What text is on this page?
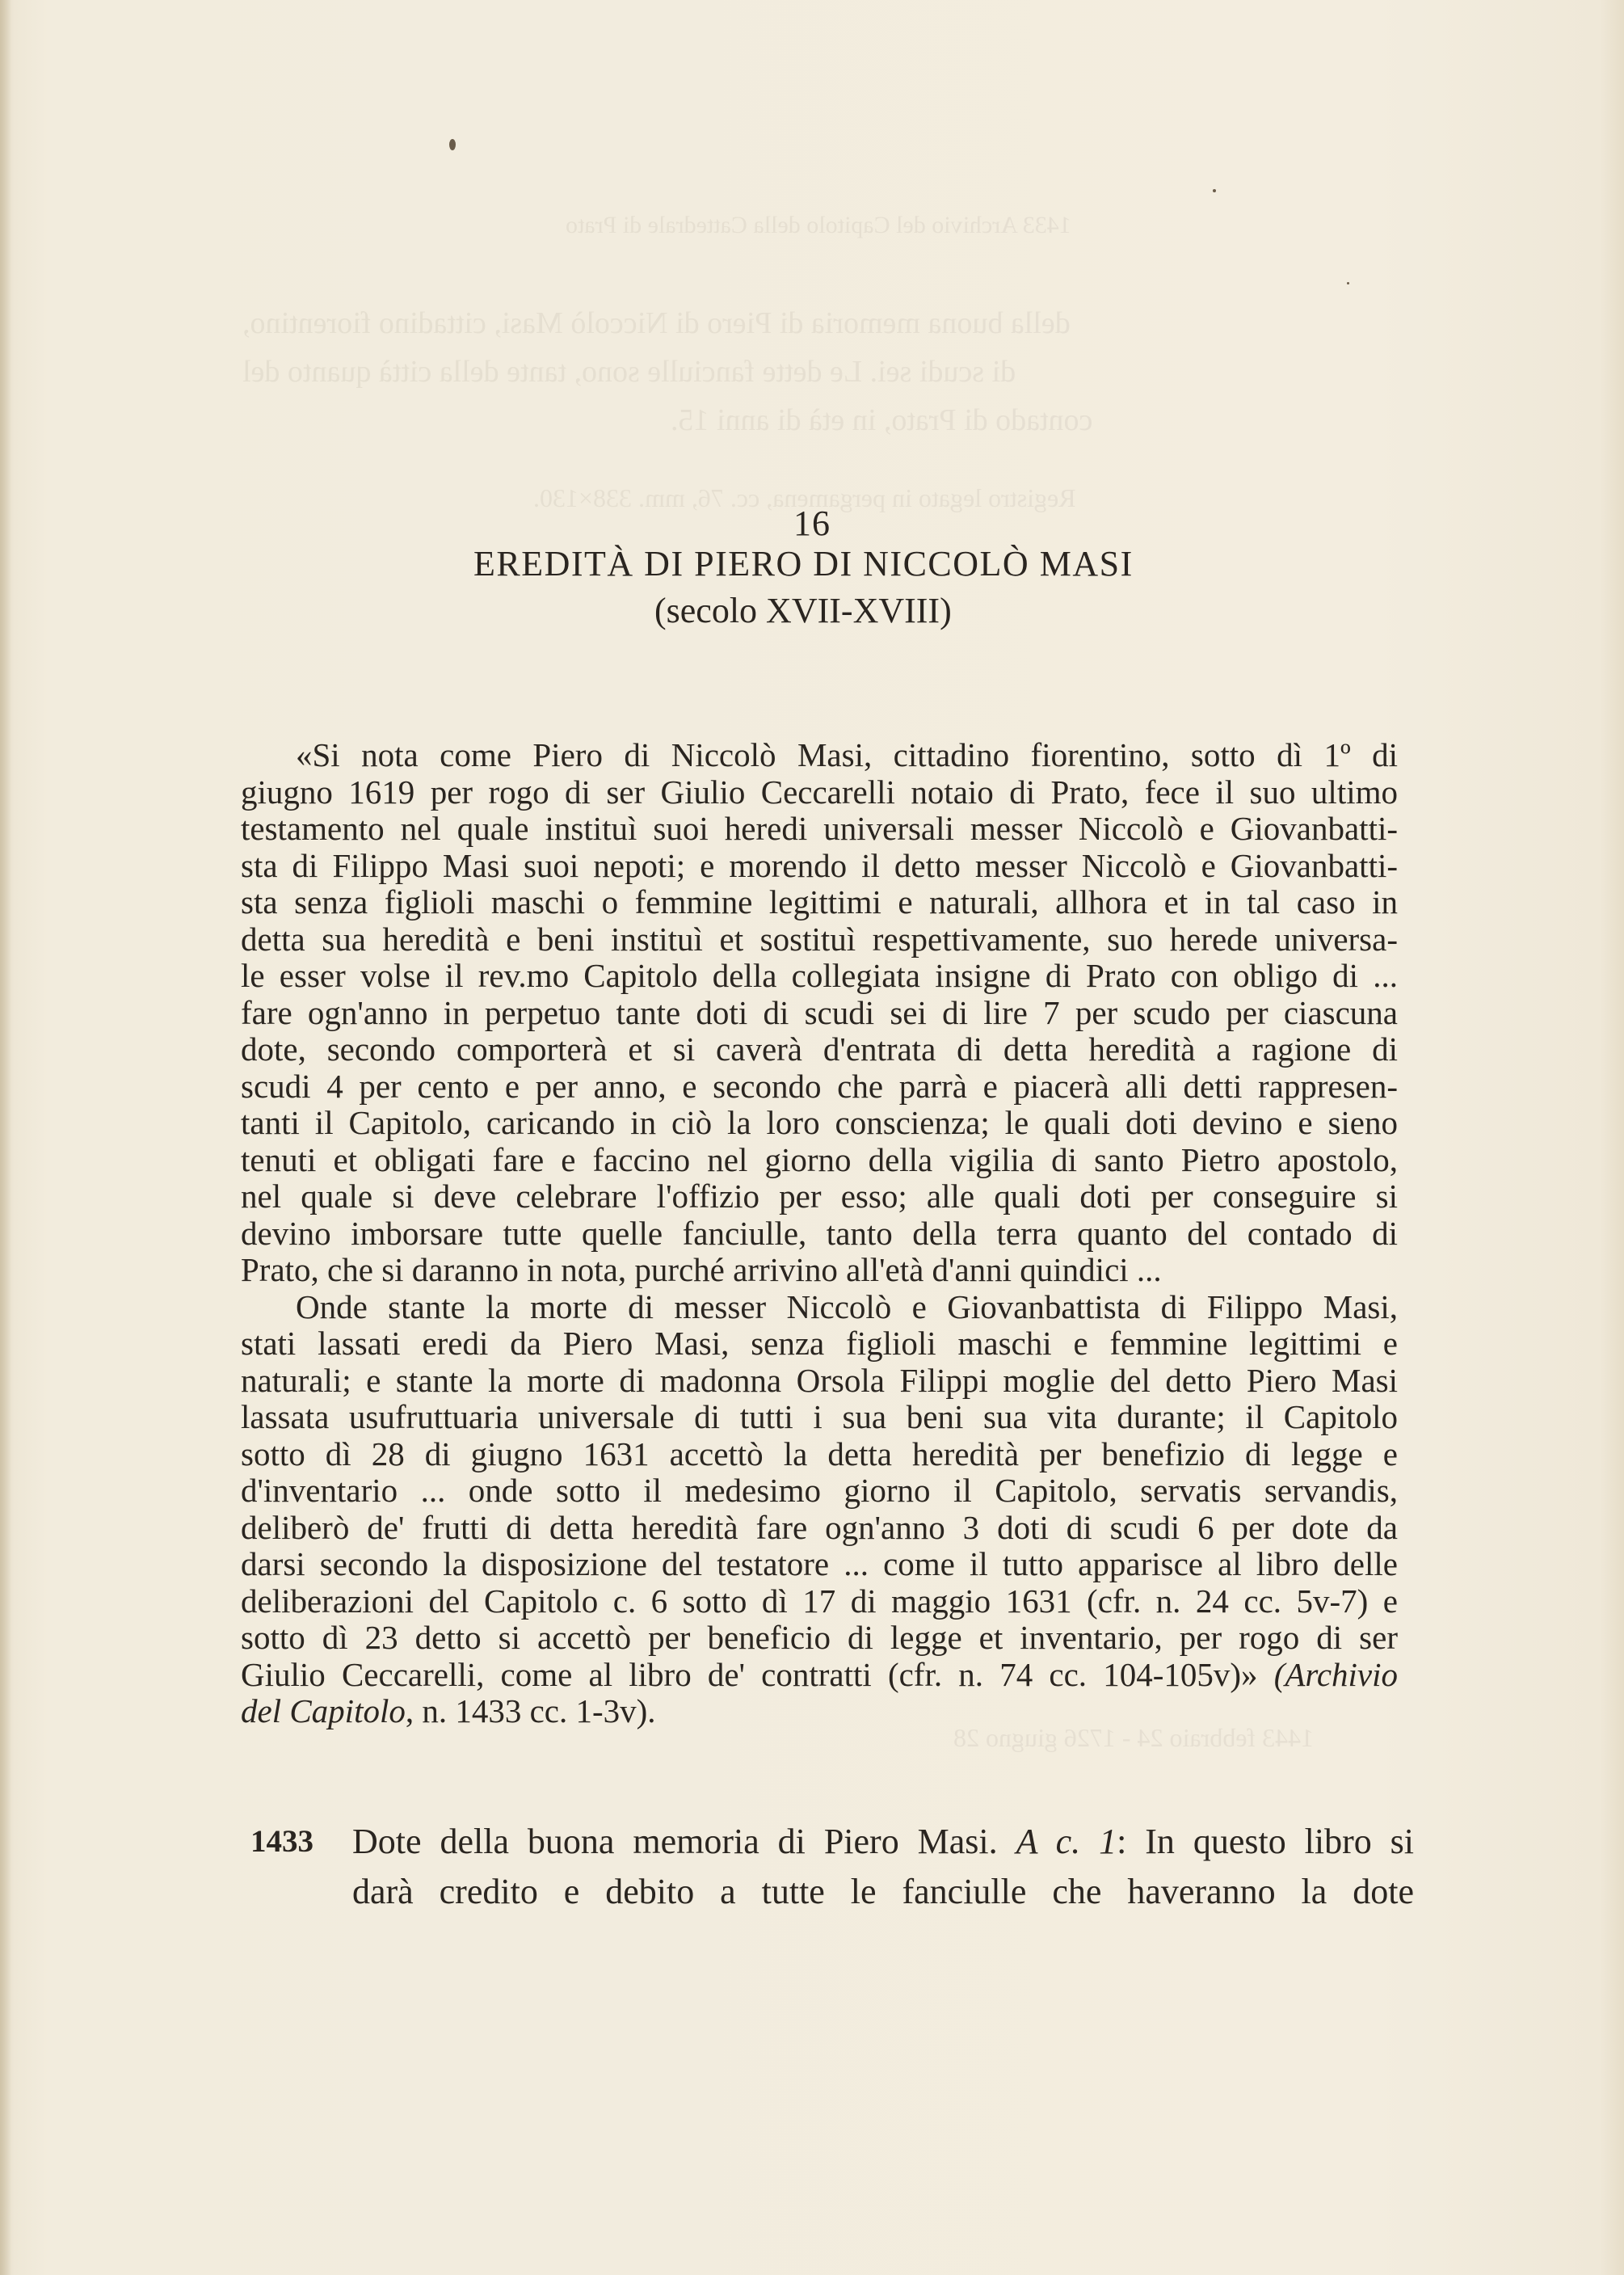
1433 Archivio del Capitolo della Cattedrale di Prato
della buona memoria di Piero di Niccolò Masi, cittadino fiorentino,
di scudi sei. Le dette fanciulle sono, tante della città quanto del
contado di Prato, in età di anni 15.
Registro legato in pergamena, cc. 76, mm. 338×130.
1443 febbraio 24 - 1726 giugno 28
16
EREDITÀ DI PIERO DI NICCOLÒ MASI
(secolo XVII-XVIII)
«Si nota come Piero di Niccolò Masi, cittadino fiorentino, sotto dì 1º di
giugno 1619 per rogo di ser Giulio Ceccarelli notaio di Prato, fece il suo ultimo
testamento nel quale instituì suoi heredi universali messer Niccolò e Giovanbatti-
sta di Filippo Masi suoi nepoti; e morendo il detto messer Niccolò e Giovanbatti-
sta senza figlioli maschi o femmine legittimi e naturali, allhora et in tal caso in
detta sua heredità e beni instituì et sostituì respettivamente, suo herede universa-
le esser volse il rev.mo Capitolo della collegiata insigne di Prato con obligo di ...
fare ogn'anno in perpetuo tante doti di scudi sei di lire 7 per scudo per ciascuna
dote, secondo comporterà et si caverà d'entrata di detta heredità a ragione di
scudi 4 per cento e per anno, e secondo che parrà e piacerà alli detti rappresen-
tanti il Capitolo, caricando in ciò la loro conscienza; le quali doti devino e sieno
tenuti et obligati fare e faccino nel giorno della vigilia di santo Pietro apostolo,
nel quale si deve celebrare l'offizio per esso; alle quali doti per conseguire si
devino imborsare tutte quelle fanciulle, tanto della terra quanto del contado di
Prato, che si daranno in nota, purché arrivino all'età d'anni quindici ...
Onde stante la morte di messer Niccolò e Giovanbattista di Filippo Masi,
stati lassati eredi da Piero Masi, senza figlioli maschi e femmine legittimi e
naturali; e stante la morte di madonna Orsola Filippi moglie del detto Piero Masi
lassata usufruttuaria universale di tutti i sua beni sua vita durante; il Capitolo
sotto dì 28 di giugno 1631 accettò la detta heredità per benefizio di legge e
d'inventario ... onde sotto il medesimo giorno il Capitolo, servatis servandis,
deliberò de' frutti di detta heredità fare ogn'anno 3 doti di scudi 6 per dote da
darsi secondo la disposizione del testatore ... come il tutto apparisce al libro delle
deliberazioni del Capitolo c. 6 sotto dì 17 di maggio 1631 (cfr. n. 24 cc. 5v-7) e
sotto dì 23 detto si accettò per beneficio di legge et inventario, per rogo di ser
Giulio Ceccarelli, come al libro de' contratti (cfr. n. 74 cc. 104-105v)» (Archivio
del Capitolo, n. 1433 cc. 1-3v).
1433 Dote della buona memoria di Piero Masi. A c. 1: In questo libro si
darà credito e debito a tutte le fanciulle che haveranno la dote
